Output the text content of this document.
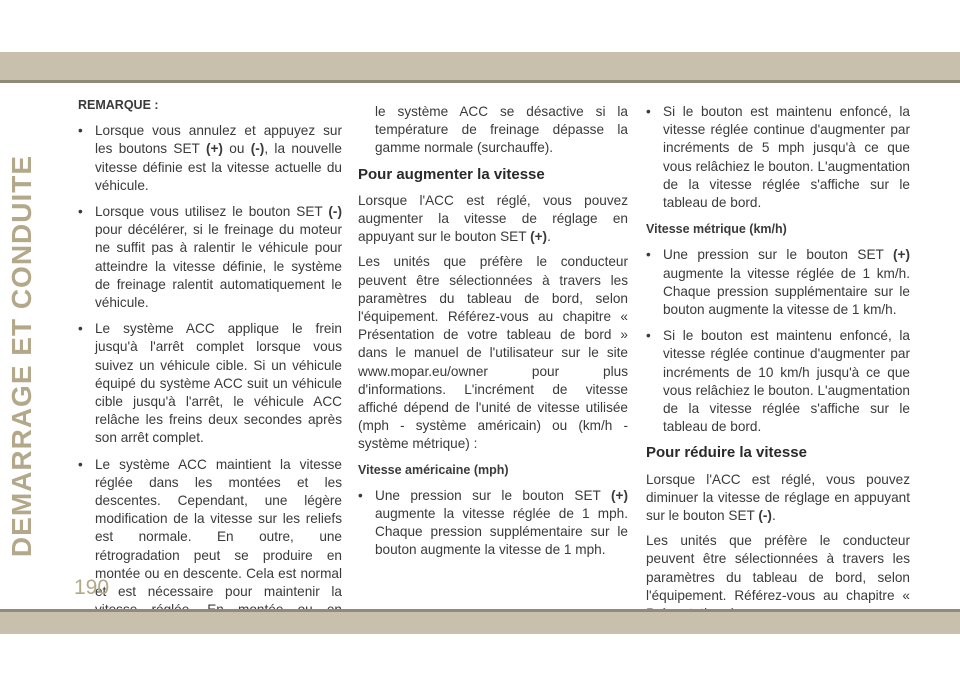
DEMARRAGE ET CONDUITE
REMARQUE :
• Lorsque vous annulez et appuyez sur les boutons SET (+) ou (-), la nouvelle vitesse définie est la vitesse actuelle du véhicule.
• Lorsque vous utilisez le bouton SET (-) pour décélérer, si le freinage du moteur ne suffit pas à ralentir le véhicule pour atteindre la vitesse définie, le système de freinage ralentit automatiquement le véhicule.
• Le système ACC applique le frein jusqu'à l'arrêt complet lorsque vous suivez un véhicule cible. Si un véhicule équipé du système ACC suit un véhicule cible jusqu'à l'arrêt, le véhicule ACC relâche les freins deux secondes après son arrêt complet.
• Le système ACC maintient la vitesse réglée dans les montées et les descentes. Cependant, une légère modification de la vitesse sur les reliefs est normale. En outre, une rétrogradation peut se produire en montée ou en descente. Cela est normal et est nécessaire pour maintenir la
le système ACC se désactive si la température de freinage dépasse la gamme normale (surchauffe).
Pour augmenter la vitesse

Lorsque l'ACC est réglé, vous pouvez augmenter la vitesse de réglage en appuyant sur le bouton SET (+).

Les unités que préfère le conducteur peuvent être sélectionnées à travers les paramètres du tableau de bord, selon l'équipement. Référez-vous au chapitre « Présentation de votre tableau de bord » dans le manuel de l'utilisateur sur le site www.mopar.eu/owner pour plus d'informations. L'incrément de vitesse affiché dépend de l'unité de vitesse utilisée (mph - système américain) ou (km/h - système métrique) :

Vitesse américaine (mph)
• Une pression sur le bouton SET (+) augmente la vitesse réglée de 1 mph. Chaque pression supplémentaire sur le bouton augmente la vitesse de 1 mph.
• Si le bouton est maintenu enfoncé, la vitesse réglée continue d'augmenter par incréments de 5 mph jusqu'à ce que vous relâchiez le bouton. L'augmentation de la vitesse réglée s'affiche sur le tableau de bord.
Vitesse métrique (km/h)
• Une pression sur le bouton SET (+) augmente la vitesse réglée de 1 km/h. Chaque pression supplémentaire sur le bouton augmente la vitesse de 1 km/h.
• Si le bouton est maintenu enfoncé, la vitesse réglée continue d'augmenter par incréments de 10 km/h jusqu'à ce que vous relâchiez le bouton. L'augmentation de la vitesse réglée s'affiche sur le tableau de bord.
Pour réduire la vitesse

Lorsque l'ACC est réglé, vous pouvez diminuer la vitesse de réglage en appuyant sur le bouton SET (-).

Les unités que préfère le conducteur peuvent être sélectionnées à travers les paramètres du tableau de bord, selon l'équipement. Référez-vous au chapitre «

190
